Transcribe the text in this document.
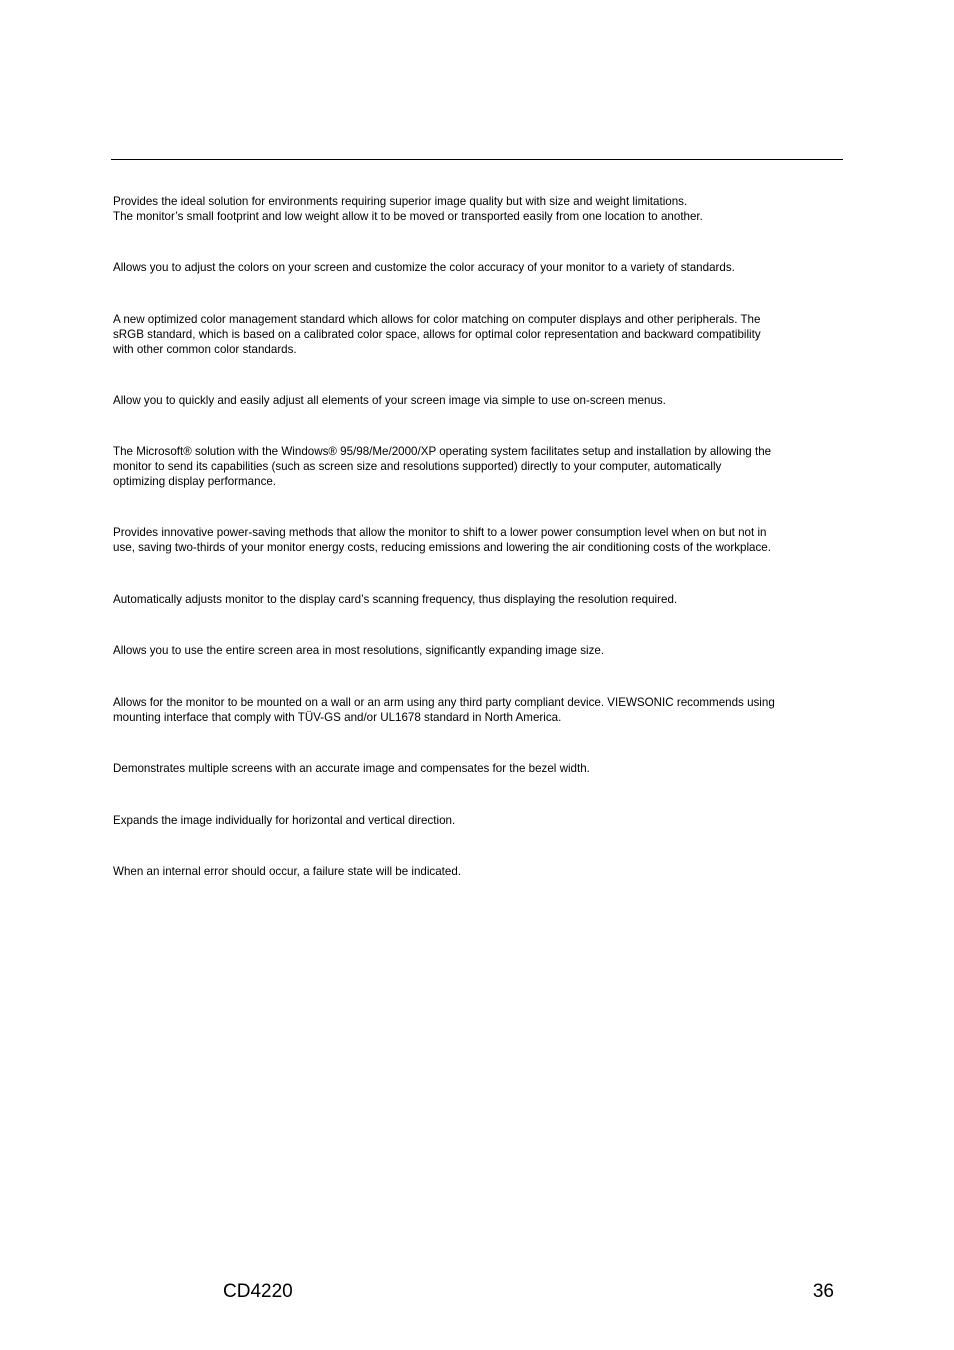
Provides the ideal solution for environments requiring superior image quality but with size and weight limitations.
The monitor’s small footprint and low weight allow it to be moved or transported easily from one location to another.

Allows you to adjust the colors on your screen and customize the color accuracy of your monitor to a variety of standards.

A new optimized color management standard which allows for color matching on computer displays and other peripherals. The
sRGB standard, which is based on a calibrated color space, allows for optimal color representation and backward compatibility
with other common color standards.

Allow you to quickly and easily adjust all elements of your screen image via simple to use on-screen menus.

The Microsoft® solution with the Windows® 95/98/Me/2000/XP operating system facilitates setup and installation by allowing the
monitor to send its capabilities (such as screen size and resolutions supported) directly to your computer, automatically
optimizing display performance.

Provides innovative power-saving methods that allow the monitor to shift to a lower power consumption level when on but not in
use, saving two-thirds of your monitor energy costs, reducing emissions and lowering the air conditioning costs of the workplace.

Automatically adjusts monitor to the display card’s scanning frequency, thus displaying the resolution required.

Allows you to use the entire screen area in most resolutions, significantly expanding image size.

Allows for the monitor to be mounted on a wall or an arm using any third party compliant device. VIEWSONIC recommends using
mounting interface that comply with TÜV-GS and/or UL1678 standard in North America.

Demonstrates multiple screens with an accurate image and compensates for the bezel width.

Expands the image individually for horizontal and vertical direction.

When an internal error should occur, a failure state will be indicated.

CD4220	36
